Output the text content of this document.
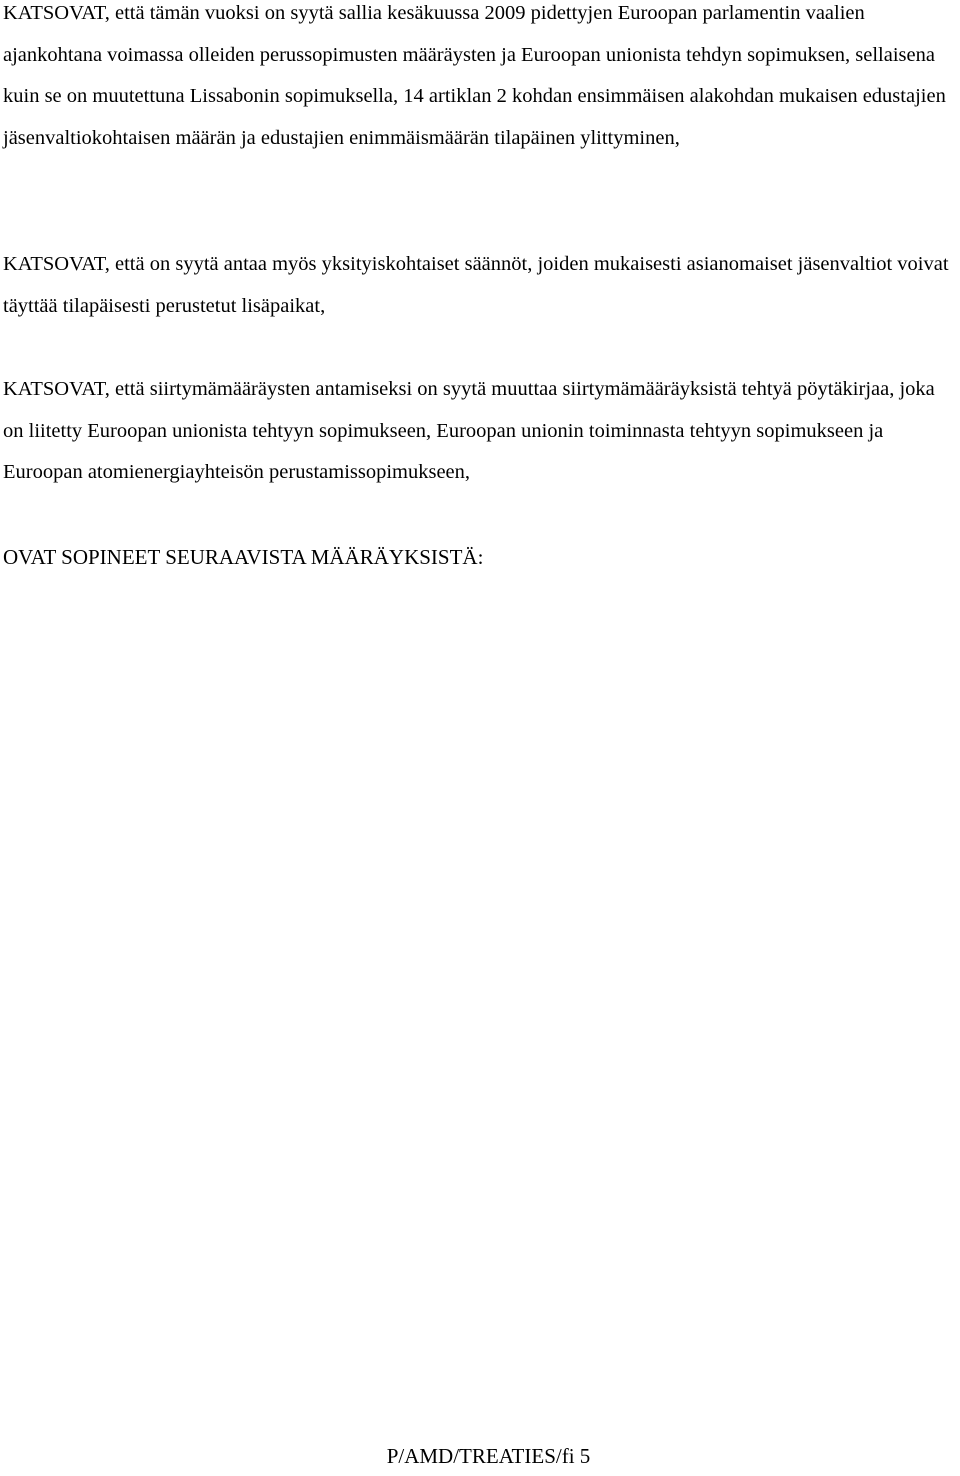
KATSOVAT, että tämän vuoksi on syytä sallia kesäkuussa 2009 pidettyjen Euroopan parlamentin vaalien ajankohtana voimassa olleiden perussopimusten määräysten ja Euroopan unionista tehdyn sopimuksen, sellaisena kuin se on muutettuna Lissabonin sopimuksella, 14 artiklan 2 kohdan ensimmäisen alakohdan mukaisen edustajien jäsenvaltiokohtaisen määrän ja edustajien enimmäismäärän tilapäinen ylittyminen,

KATSOVAT, että on syytä antaa myös yksityiskohtaiset säännöt, joiden mukaisesti asianomaiset jäsenvaltiot voivat täyttää tilapäisesti perustetut lisäpaikat,

KATSOVAT, että siirtymämääräysten antamiseksi on syytä muuttaa siirtymämääräyksistä tehtyä pöytäkirjaa, joka on liitetty Euroopan unionista tehtyyn sopimukseen, Euroopan unionin toiminnasta tehtyyn sopimukseen ja Euroopan atomienergiayhteisön perustamissopimukseen,

OVAT SOPINEET SEURAAVISTA MÄÄRÄYKSISTÄ:

P/AMD/TREATIES/fi 5
